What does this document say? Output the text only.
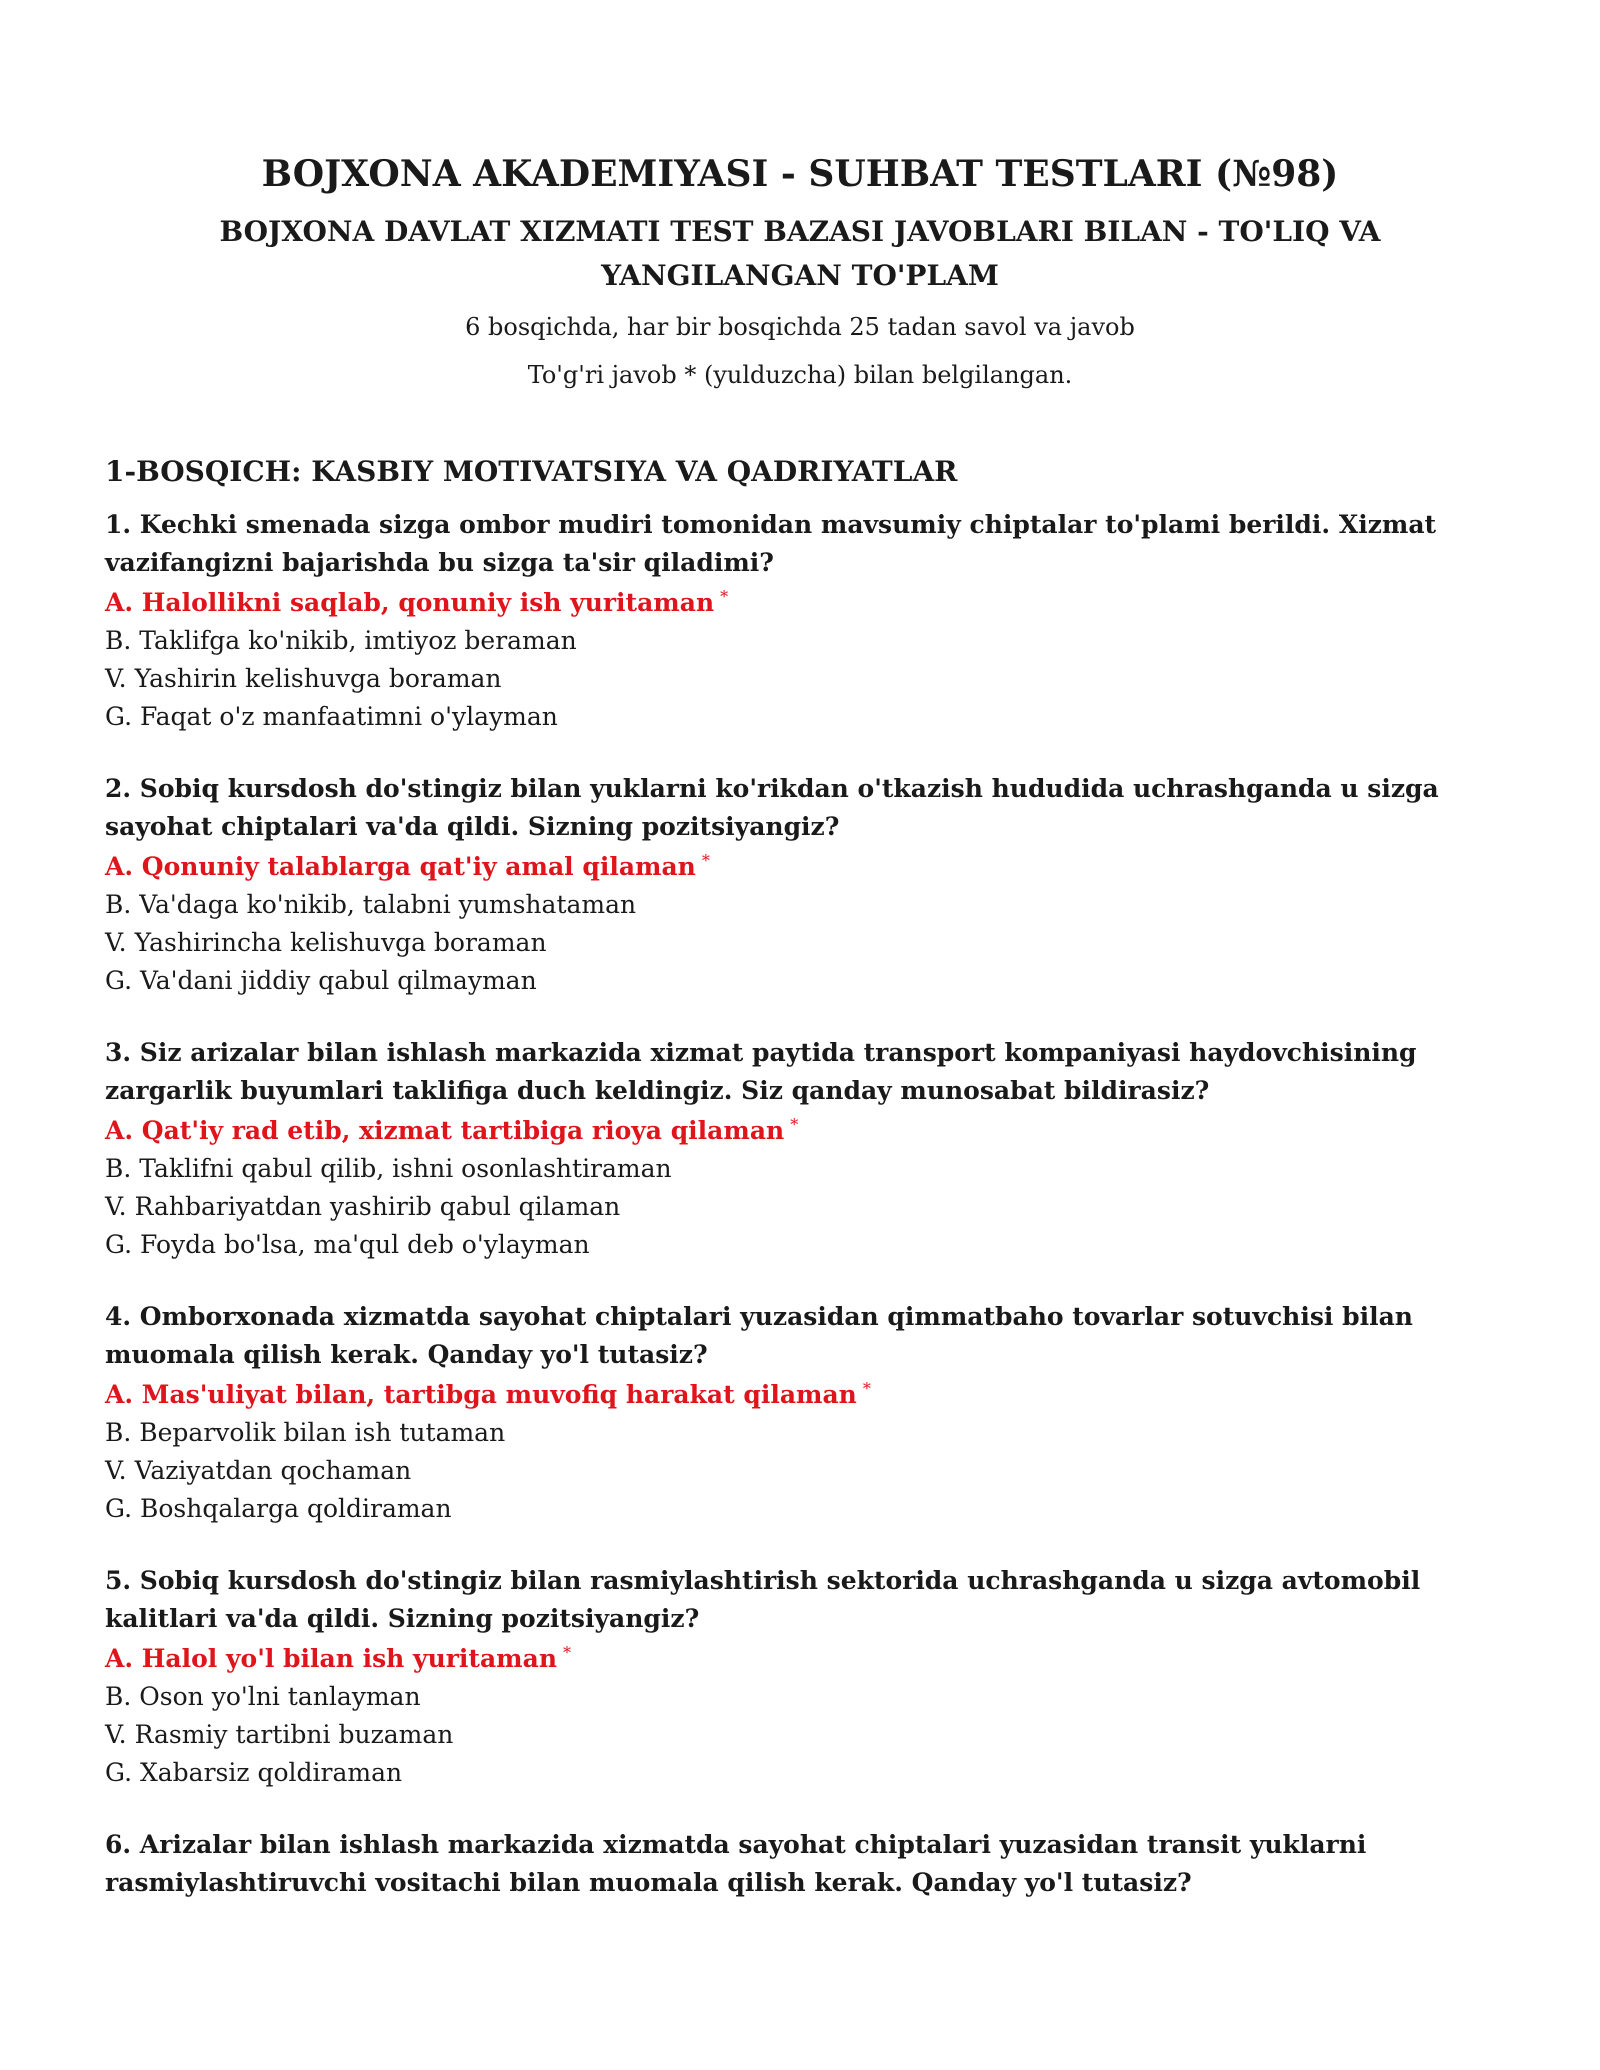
BOJXONA AKADEMIYASI - SUHBAT TESTLARI (№98)
BOJXONA DAVLAT XIZMATI TEST BAZASI JAVOBLARI BILAN - TO'LIQ VA YANGILANGAN TO'PLAM
6 bosqichda, har bir bosqichda 25 tadan savol va javob
To'g'ri javob * (yulduzcha) bilan belgilangan.
1-BOSQICH: KASBIY MOTIVATSIYA VA QADRIYATLAR
1. Kechki smenada sizga ombor mudiri tomonidan mavsumiy chiptalar to'plami berildi. Xizmat vazifangizni bajarishda bu sizga ta'sir qiladimi?
A. Halollikni saqlab, qonuniy ish yuritaman *
B. Taklifga ko'nikib, imtiyoz beraman
V. Yashirin kelishuvga boraman
G. Faqat o'z manfaatimni o'ylayman
2. Sobiq kursdosh do'stingiz bilan yuklarni ko'rikdan o'tkazish hududida uchrashganda u sizga sayohat chiptalari va'da qildi. Sizning pozitsiyangiz?
A. Qonuniy talablarga qat'iy amal qilaman *
B. Va'daga ko'nikib, talabni yumshataman
V. Yashirincha kelishuvga boraman
G. Va'dani jiddiy qabul qilmayman
3. Siz arizalar bilan ishlash markazida xizmat paytida transport kompaniyasi haydovchisining zargarlik buyumlari taklifiga duch keldingiz. Siz qanday munosabat bildirasiz?
A. Qat'iy rad etib, xizmat tartibiga rioya qilaman *
B. Taklifni qabul qilib, ishni osonlashtiraman
V. Rahbariyatdan yashirib qabul qilaman
G. Foyda bo'lsa, ma'qul deb o'ylayman
4. Omborxonada xizmatda sayohat chiptalari yuzasidan qimmatbaho tovarlar sotuvchisi bilan muomala qilish kerak. Qanday yo'l tutasiz?
A. Mas'uliyat bilan, tartibga muvofiq harakat qilaman *
B. Beparvolik bilan ish tutaman
V. Vaziyatdan qochaman
G. Boshqalarga qoldiraman
5. Sobiq kursdosh do'stingiz bilan rasmiylashtirish sektorida uchrashganda u sizga avtomobil kalitlari va'da qildi. Sizning pozitsiyangiz?
A. Halol yo'l bilan ish yuritaman *
B. Oson yo'lni tanlayman
V. Rasmiy tartibni buzaman
G. Xabarsiz qoldiraman
6. Arizalar bilan ishlash markazida xizmatda sayohat chiptalari yuzasidan transit yuklarni rasmiylashtiruvchi vositachi bilan muomala qilish kerak. Qanday yo'l tutasiz?
